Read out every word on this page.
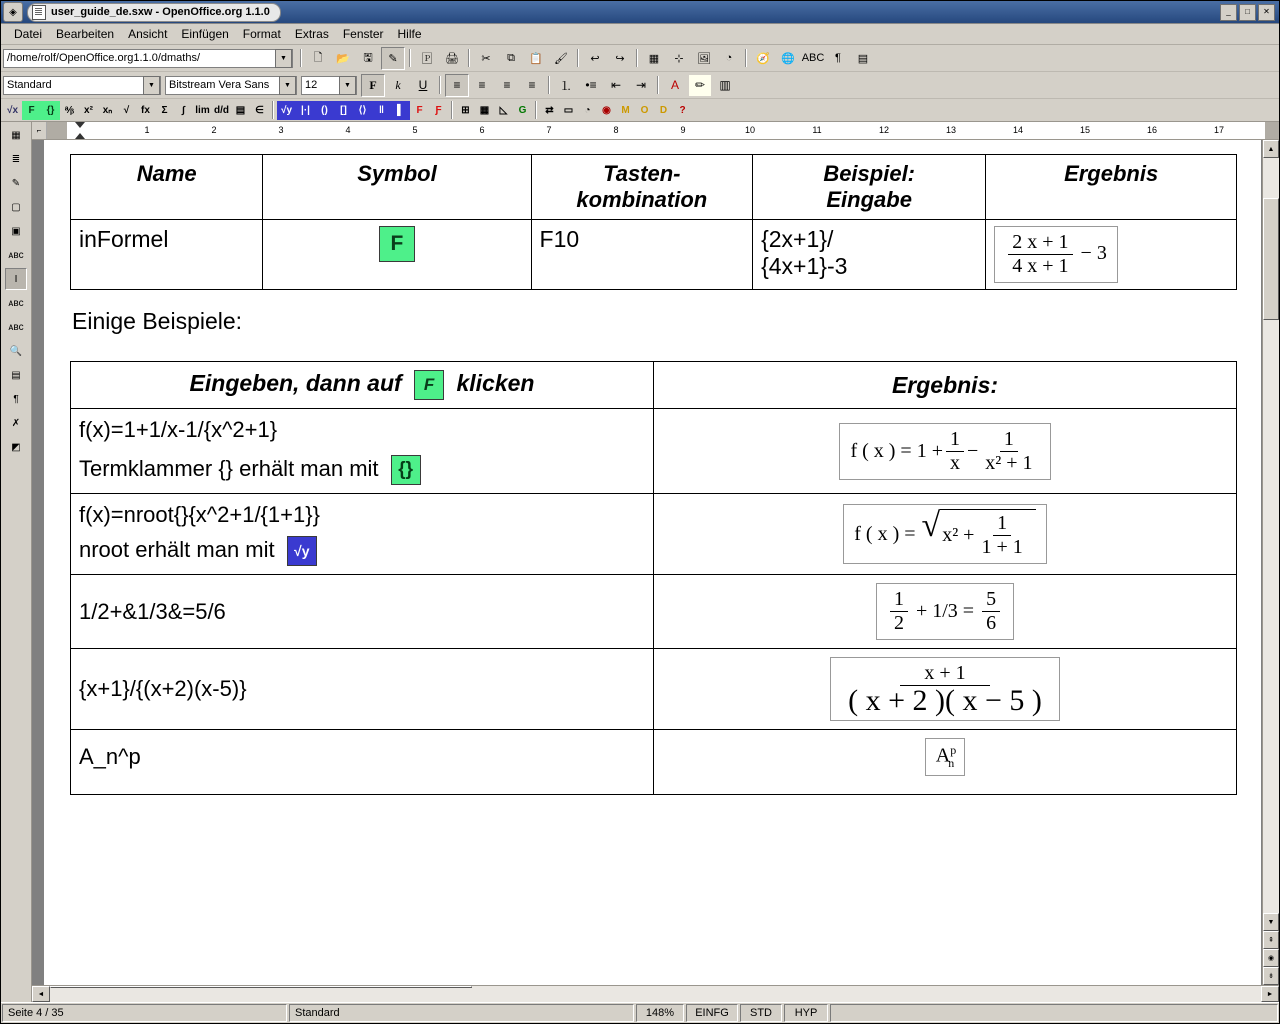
◈	user_guide_de.sxw - OpenOffice.org 1.1.0	_	□	✕
Datei	Bearbeiten	Ansicht	Einfügen	Format	Extras	Fenster	Hilfe
/home/rolf/OpenOffice.org1.1.0/dmaths/	▼	🗋	📂	🖫	✎	🄿	🖨	✂	⧉	📋	🖌	↩	↪	▦	⊹	🖼	◔	🧭	🌐 ABC ¶	▤
Standard	▼	Bitstream Vera Sans	▼	12	▼	F k U	≡	≡	≡	≡	⒈	•≡	⇤	⇥	A	✏	▥
√x	F	{}	ᵃ⁄ᵦ x² xₙ	√	fx	Σ	∫	lim d/d ▤ ∈	√y |·|	()	[]	⟨⟩	‖	▌	F	Ƒ	⊞	▦	◺	G	⇄	▭	◔	◉	M	O	D	?
▦
≣
✎
▢
▣
ᴀʙᴄ
I
ᴀʙᴄ
ᴀʙᴄ
🔍
▤
¶
✗
◩
⌐	1	2	3	4	5	6	7	8	9	10	11	12	13	14	15	16	17
Name	Symbol	Tasten-
kombination

Beispiel:
Eingabe
	Ergebnis
inFormel	F	F10	{2x+1}/
{4x+1}-3	$\frac{2 x + 1}{4 x + 1} - 3$
Einige Beispiele:
Eingeben, dann auf F klicken	Ergebnis:

f(x)=1+1/x-1/{x^2+1}
Termklammer {} erhält man mit {}

f ( x ) = $1 + \frac{1}{x} - \frac{1}{\text{x² + 1}}$

f(x)=nroot{}{x^2+1/{1+1}}
nroot erhält man mit √y

f ( x ) = √ $x^2 + \frac{1}{1 + 1}$

1/2+&1/3&=5/6	$\frac{1}{2} + 1/3 = \frac{5}{6}$

{x+1}/{(x+2)(x-5)}	$\frac{x + 1}{( x + 2 )( x - 5 )}$

A_n^p	$A^p_n$
▲
▼
⇞
◉
⇟
◄	►
Seite 4 / 35	Standard	148%	EINFG	STD	HYP
